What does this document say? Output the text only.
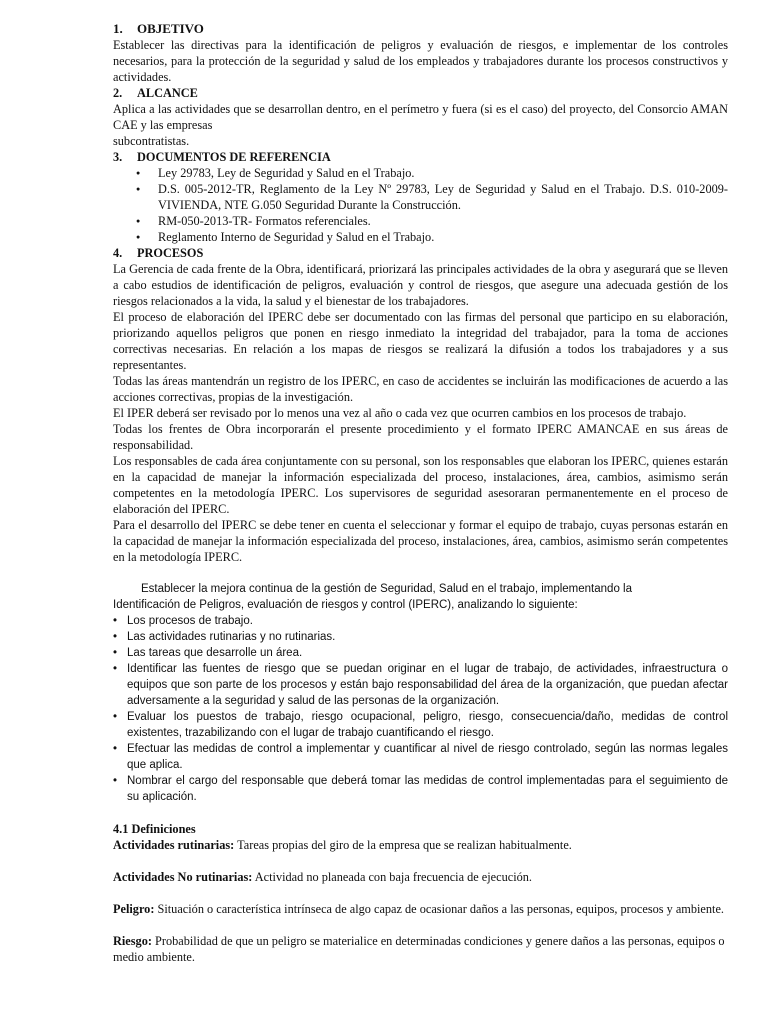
1. OBJETIVO

Establecer las directivas para la identificación de peligros y evaluación de riesgos, e implementar de los controles necesarios, para la protección de la seguridad y salud de los empleados y trabajadores durante los procesos constructivos y actividades.

2. ALCANCE

Aplica a las actividades que se desarrollan dentro, en el perímetro y fuera (si es el caso) del proyecto, del Consorcio AMAN CAE y las empresas

subcontratistas.

3. DOCUMENTOS DE REFERENCIA
● Ley 29783, Ley de Seguridad y Salud en el Trabajo.
● D.S. 005-2012-TR, Reglamento de la Ley Nº 29783, Ley de Seguridad y Salud en el Trabajo. D.S. 010-2009-VIVIENDA, NTE G.050 Seguridad Durante la Construcción.
● RM-050-2013-TR- Formatos referenciales.
● Reglamento Interno de Seguridad y Salud en el Trabajo.
4. PROCESOS

La Gerencia de cada frente de la Obra, identificará, priorizará las principales actividades de la obra y asegurará que se lleven a cabo estudios de identificación de peligros, evaluación y control de riesgos, que asegure una adecuada gestión de los riesgos relacionados a la vida, la salud y el bienestar de los trabajadores.

El proceso de elaboración del IPERC debe ser documentado con las firmas del personal que participo en su elaboración, priorizando aquellos peligros que ponen en riesgo inmediato la integridad del trabajador, para la toma de acciones correctivas necesarias. En relación a los mapas de riesgos se realizará la difusión a todos los trabajadores y a sus representantes.

Todas las áreas mantendrán un registro de los IPERC, en caso de accidentes se incluirán las modificaciones de acuerdo a las acciones correctivas, propias de la investigación.

El IPER deberá ser revisado por lo menos una vez al año o cada vez que ocurren cambios en los procesos de trabajo.

Todas los frentes de Obra incorporarán el presente procedimiento y el formato IPERC AMANCAE en sus áreas de responsabilidad.

Los responsables de cada área conjuntamente con su personal, son los responsables que elaboran los IPERC, quienes estarán en la capacidad de manejar la información especializada del proceso, instalaciones, área, cambios, asimismo serán competentes en la metodología IPERC. Los supervisores de seguridad asesoraran permanentemente en el proceso de elaboración del IPERC.

Para el desarrollo del IPERC se debe tener en cuenta el seleccionar y formar el equipo de trabajo, cuyas personas estarán en la capacidad de manejar la información especializada del proceso, instalaciones, área, cambios, asimismo serán competentes en la metodología IPERC.

Establecer la mejora continua de la gestión de Seguridad, Salud en el trabajo, implementando la

Identificación de Peligros, evaluación de riesgos y control (IPERC), analizando lo siguiente:

• Los procesos de trabajo.
• Las actividades rutinarias y no rutinarias.
• Las tareas que desarrolle un área.
• Identificar las fuentes de riesgo que se puedan originar en el lugar de trabajo, de actividades, infraestructura o equipos que son parte de los procesos y están bajo responsabilidad del área de la organización, que puedan afectar adversamente a la seguridad y salud de las personas de la organización.
• Evaluar los puestos de trabajo, riesgo ocupacional, peligro, riesgo, consecuencia/daño, medidas de control existentes, trazabilizando con el lugar de trabajo cuantificando el riesgo.
• Efectuar las medidas de control a implementar y cuantificar al nivel de riesgo controlado, según las normas legales que aplica.
• Nombrar el cargo del responsable que deberá tomar las medidas de control implementadas para el seguimiento de su aplicación.
4.1 Definiciones

Actividades rutinarias: Tareas propias del giro de la empresa que se realizan habitualmente.

Actividades No rutinarias: Actividad no planeada con baja frecuencia de ejecución.

Peligro: Situación o característica intrínseca de algo capaz de ocasionar daños a las personas, equipos, procesos y ambiente.

Riesgo: Probabilidad de que un peligro se materialice en determinadas condiciones y genere daños a las personas, equipos o medio ambiente.
